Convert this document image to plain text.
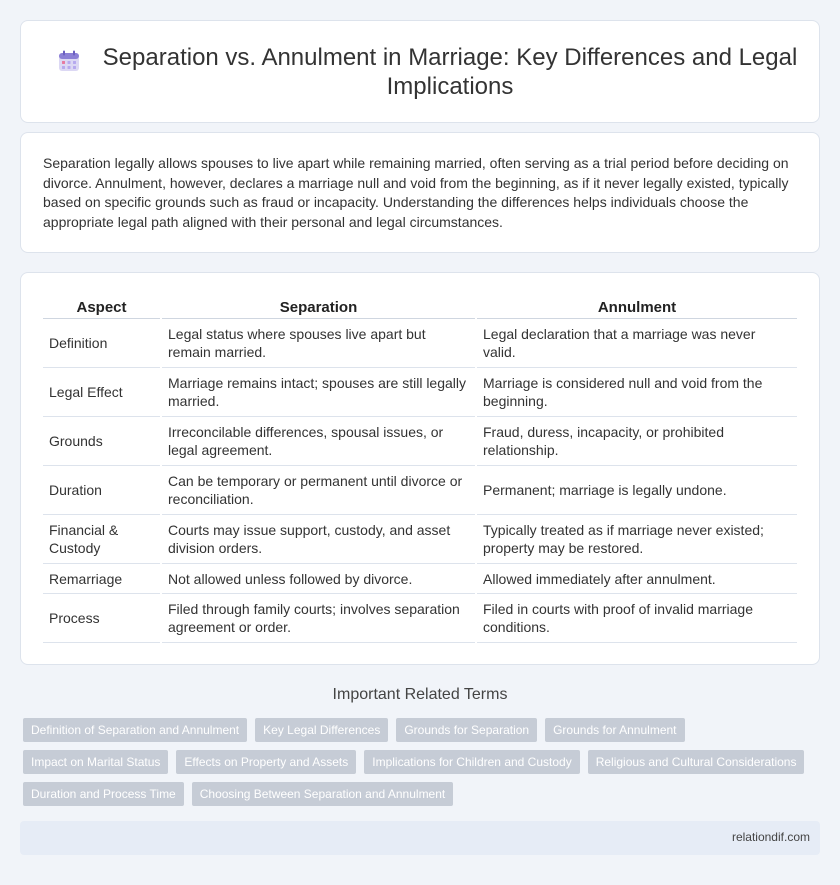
Separation vs. Annulment in Marriage: Key Differences and Legal Implications

Separation legally allows spouses to live apart while remaining married, often serving as a trial period before deciding on divorce. Annulment, however, declares a marriage null and void from the beginning, as if it never legally existed, typically based on specific grounds such as fraud or incapacity. Understanding the differences helps individuals choose the appropriate legal path aligned with their personal and legal circumstances.

Aspect	Separation	Annulment
Definition	Legal status where spouses live apart but remain married.	Legal declaration that a marriage was never valid.
Legal Effect	Marriage remains intact; spouses are still legally married.	Marriage is considered null and void from the beginning.
Grounds	Irreconcilable differences, spousal issues, or legal agreement.	Fraud, duress, incapacity, or prohibited relationship.
Duration	Can be temporary or permanent until divorce or reconciliation.	Permanent; marriage is legally undone.
Financial & Custody	Courts may issue support, custody, and asset division orders.	Typically treated as if marriage never existed; property may be restored.
Remarriage	Not allowed unless followed by divorce.	Allowed immediately after annulment.
Process	Filed through family courts; involves separation agreement or order.	Filed in courts with proof of invalid marriage conditions.
Important Related Terms
Definition of Separation and Annulment	Key Legal Differences	Grounds for Separation	Grounds for Annulment
Impact on Marital Status	Effects on Property and Assets	Implications for Children and Custody	Religious and Cultural Considerations
Duration and Process Time	Choosing Between Separation and Annulment
relationdif.com
